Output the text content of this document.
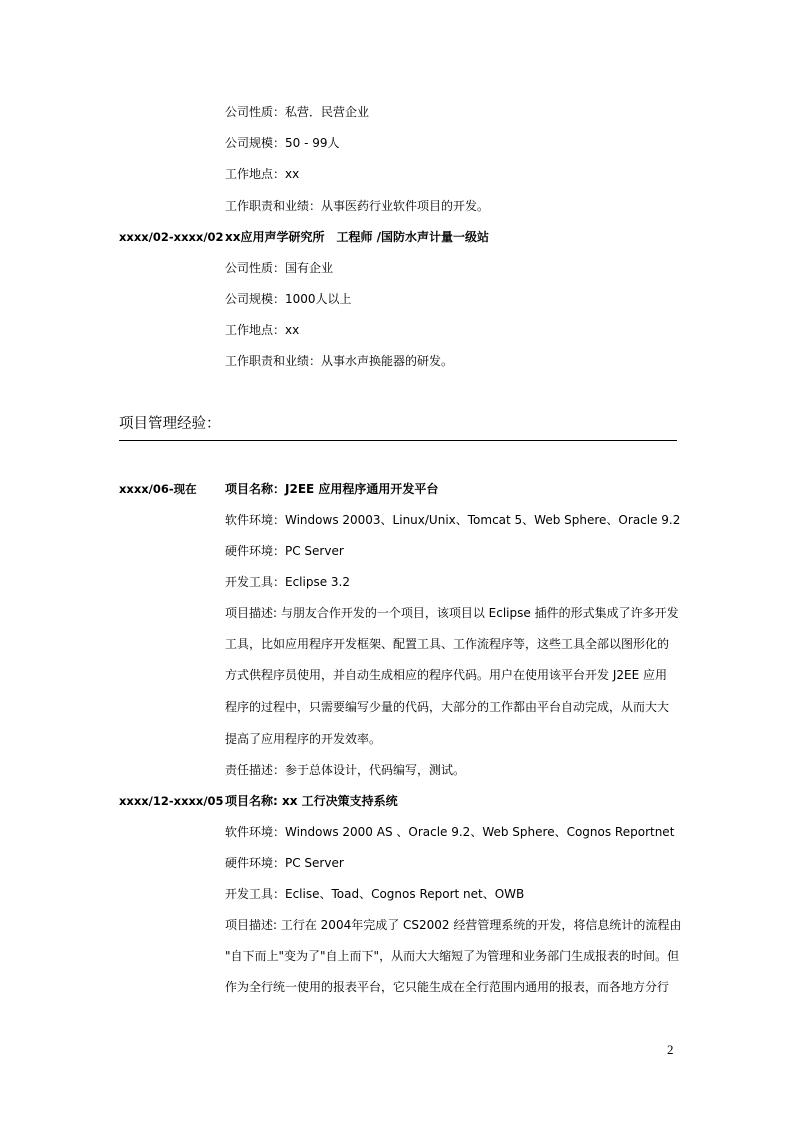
公司性质：私营．民营企业
公司规模：50 - 99人
工作地点：xx
工作职责和业绩：从事医药行业软件项目的开发。
xxxx/02-xxxx/02 xx应用声学研究所　工程师 /国防水声计量一级站
公司性质：国有企业
公司规模：1000人以上
工作地点：xx
工作职责和业绩：从事水声换能器的研发。
项目管理经验：
xxxx/06-现在 项目名称：J2EE 应用程序通用开发平台
软件环境：Windows 20003、Linux/Unix、Tomcat 5、Web Sphere、Oracle 9.2
硬件环境：PC Server
开发工具：Eclipse 3.2
项目描述: 与朋友合作开发的一个项目，该项目以 Eclipse 插件的形式集成了许多开发
工具，比如应用程序开发框架、配置工具、工作流程序等，这些工具全部以图形化的
方式供程序员使用，并自动生成相应的程序代码。用户在使用该平台开发 J2EE 应用
程序的过程中，只需要编写少量的代码，大部分的工作都由平台自动完成，从而大大
提高了应用程序的开发效率。
责任描述：参于总体设计，代码编写，测试。
xxxx/12-xxxx/05 项目名称: xx 工行决策支持系统
软件环境：Windows 2000 AS 、Oracle 9.2、Web Sphere、Cognos Reportnet
硬件环境：PC Server
开发工具：Eclise、Toad、Cognos Report net、OWB
项目描述: 工行在 2004年完成了 CS2002 经营管理系统的开发，将信息统计的流程由
"自下而上"变为了"自上而下"，从而大大缩短了为管理和业务部门生成报表的时间。但
作为全行统一使用的报表平台，它只能生成在全行范围内通用的报表，而各地方分行
2
